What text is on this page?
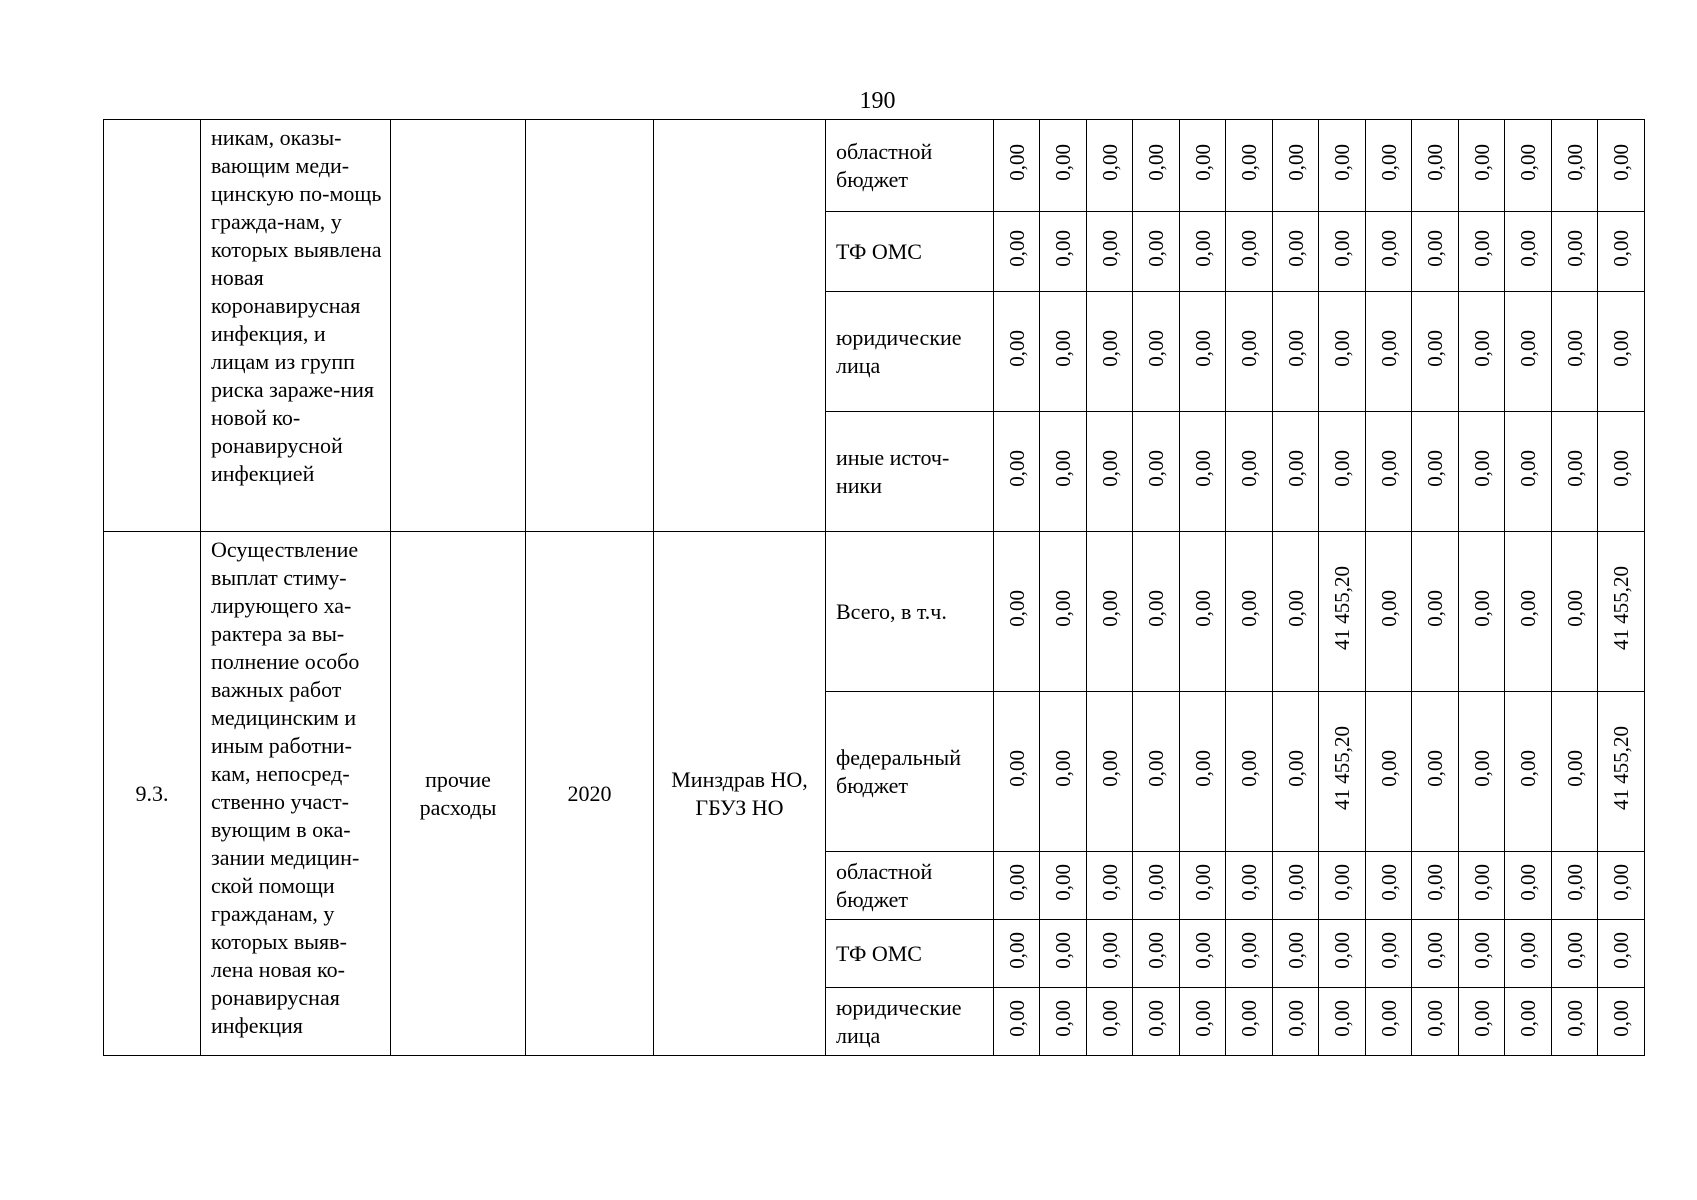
190
	никам, оказы-вающим меди-цинскую по-мощь гражда-нам, у которых выявлена новая коронавирусная инфекция, и лицам из групп риска зараже-ния новой ко-ронавирусной инфекцией				областной бюджет	0,00	0,00	0,00	0,00	0,00	0,00	0,00	0,00	0,00	0,00	0,00	0,00	0,00	0,00
					ТФ ОМС	0,00	0,00	0,00	0,00	0,00	0,00	0,00	0,00	0,00	0,00	0,00	0,00	0,00	0,00
					юридические лица	0,00	0,00	0,00	0,00	0,00	0,00	0,00	0,00	0,00	0,00	0,00	0,00	0,00	0,00
					иные источ-ники	0,00	0,00	0,00	0,00	0,00	0,00	0,00	0,00	0,00	0,00	0,00	0,00	0,00	0,00
9.3.	Осуществление выплат стиму-лирующего ха-рактера за вы-полнение особо важных работ медицинским и иным работни-кам, непосред-ственно участ-вующим в ока-зании медицин-ской помощи гражданам, у которых выяв-лена новая ко-ронавирусная инфекция	прочие расходы	2020	Минздрав НО, ГБУЗ НО	Всего, в т.ч.	0,00	0,00	0,00	0,00	0,00	0,00	0,00	41 455,20	0,00	0,00	0,00	0,00	0,00	41 455,20
					федеральный бюджет	0,00	0,00	0,00	0,00	0,00	0,00	0,00	41 455,20	0,00	0,00	0,00	0,00	0,00	41 455,20
					областной бюджет	0,00	0,00	0,00	0,00	0,00	0,00	0,00	0,00	0,00	0,00	0,00	0,00	0,00	0,00
					ТФ ОМС	0,00	0,00	0,00	0,00	0,00	0,00	0,00	0,00	0,00	0,00	0,00	0,00	0,00	0,00
					юридические лица	0,00	0,00	0,00	0,00	0,00	0,00	0,00	0,00	0,00	0,00	0,00	0,00	0,00	0,00
